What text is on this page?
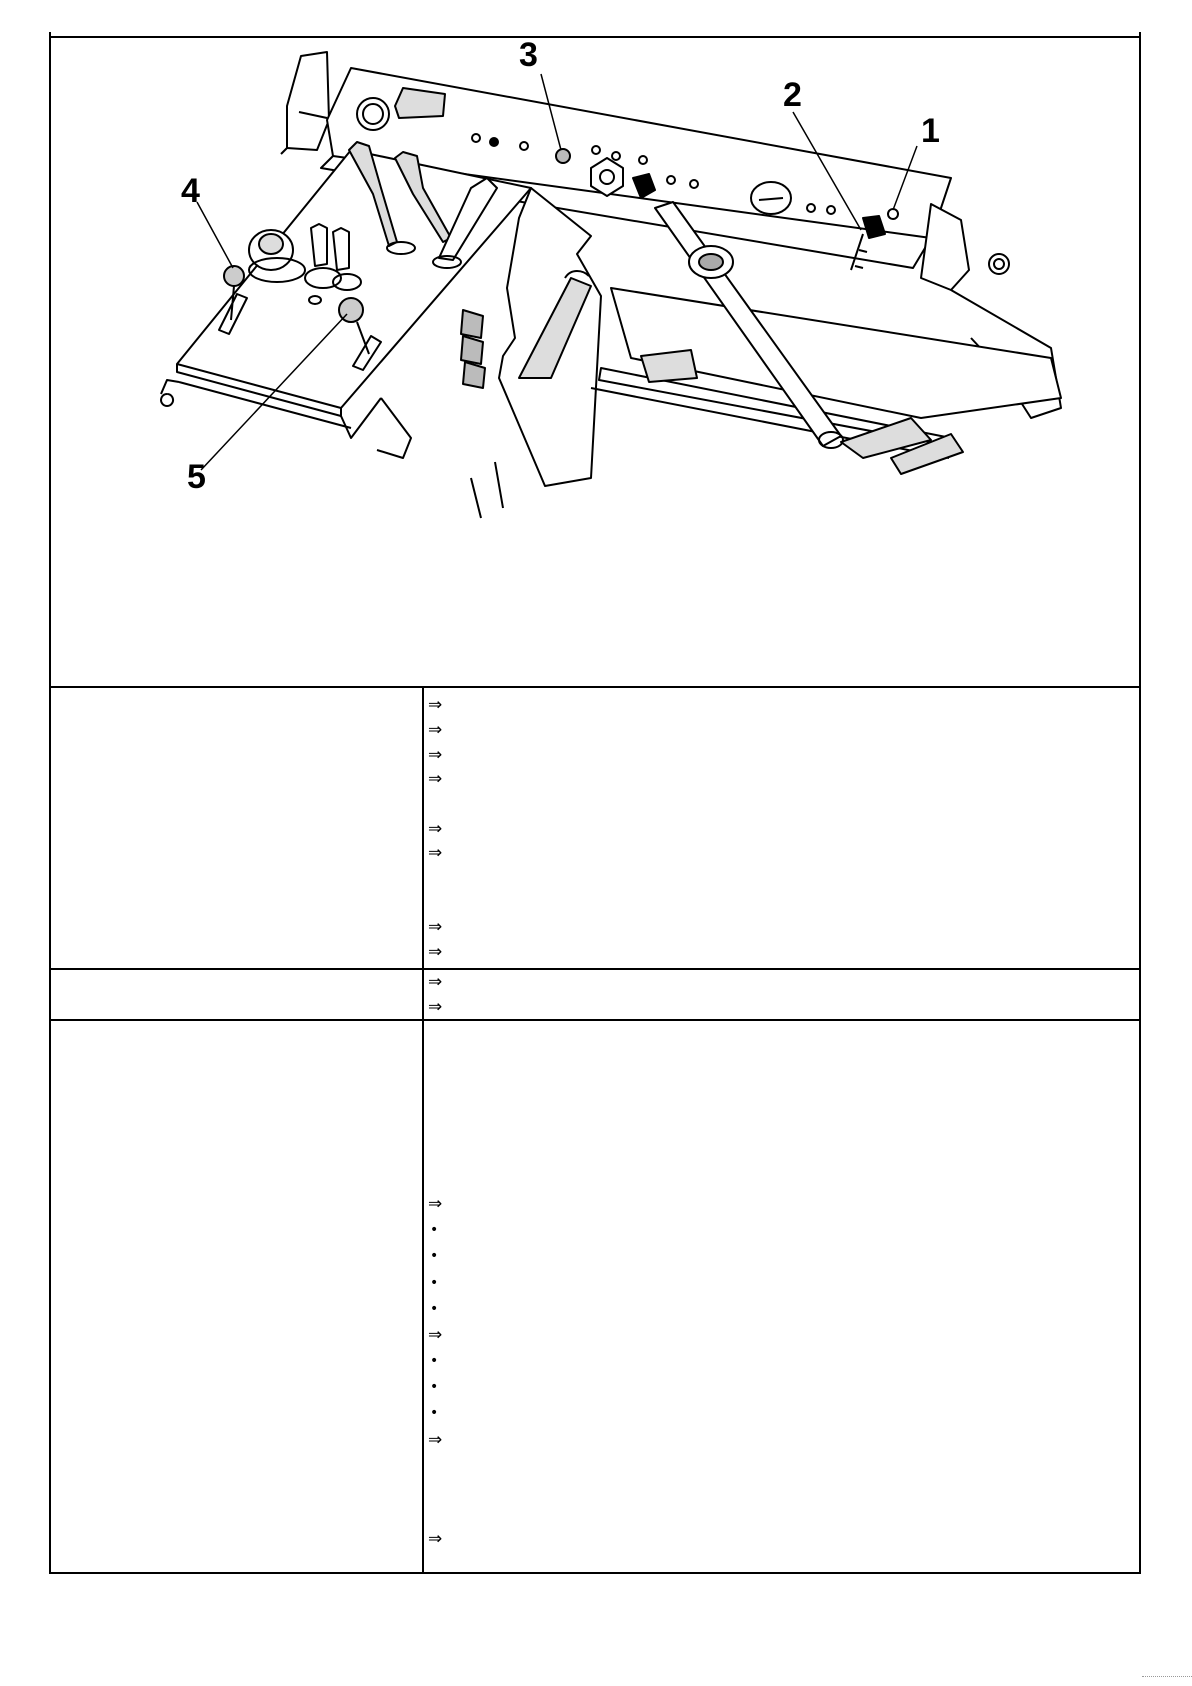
1
2
3
4
5
⇒
⇒
⇒
⇒
⇒
⇒
⇒
⇒
⇒
⇒
⇒
•
•
•
•
⇒
•
•
•
⇒
⇒
